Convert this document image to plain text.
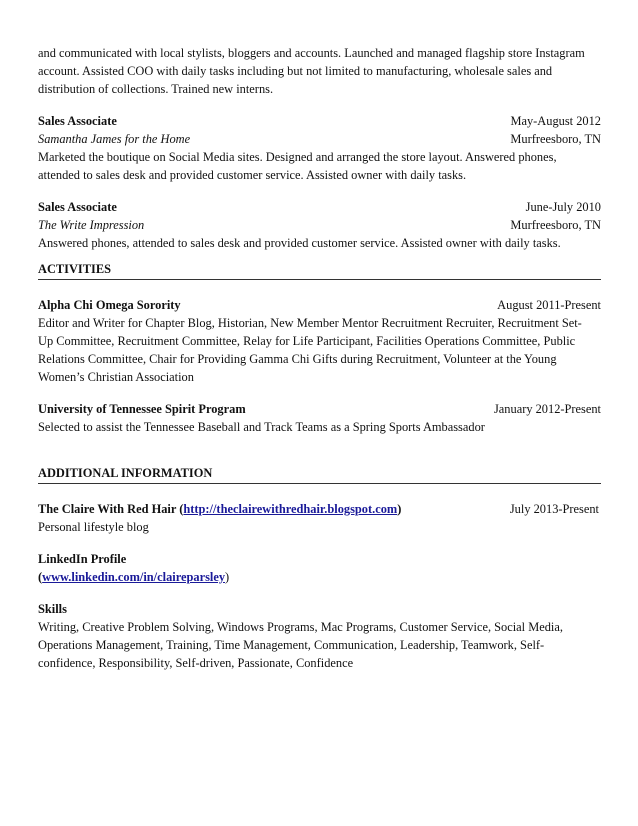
and communicated with local stylists, bloggers and accounts. Launched and managed flagship store Instagram
account. Assisted COO with daily tasks including but not limited to manufacturing, wholesale sales and
distribution of collections. Trained new interns.
Sales Associate	May-August 2012
Samantha James for the Home	Murfreesboro, TN
Marketed the boutique on Social Media sites. Designed and arranged the store layout. Answered phones,
attended to sales desk and provided customer service. Assisted owner with daily tasks.
Sales Associate	June-July 2010
The Write Impression	Murfreesboro, TN
Answered phones, attended to sales desk and provided customer service. Assisted owner with daily tasks.
ACTIVITIES
Alpha Chi Omega Sorority	August 2011-Present
Editor and Writer for Chapter Blog, Historian, New Member Mentor Recruitment Recruiter, Recruitment Set-
Up Committee, Recruitment Committee, Relay for Life Participant, Facilities Operations Committee, Public
Relations Committee, Chair for Providing Gamma Chi Gifts during Recruitment, Volunteer at the Young
Women’s Christian Association
University of Tennessee Spirit Program	January 2012-Present
Selected to assist the Tennessee Baseball and Track Teams as a Spring Sports Ambassador
ADDITIONAL INFORMATION
The Claire With Red Hair (http://theclairewithredhair.blogspot.com)	July 2013-Present
Personal lifestyle blog
LinkedIn Profile
(www.linkedin.com/in/claireparsley)
Skills
Writing, Creative Problem Solving, Windows Programs, Mac Programs, Customer Service, Social Media,
Operations Management, Training, Time Management, Communication, Leadership, Teamwork, Self-
confidence, Responsibility, Self-driven, Passionate, Confidence
